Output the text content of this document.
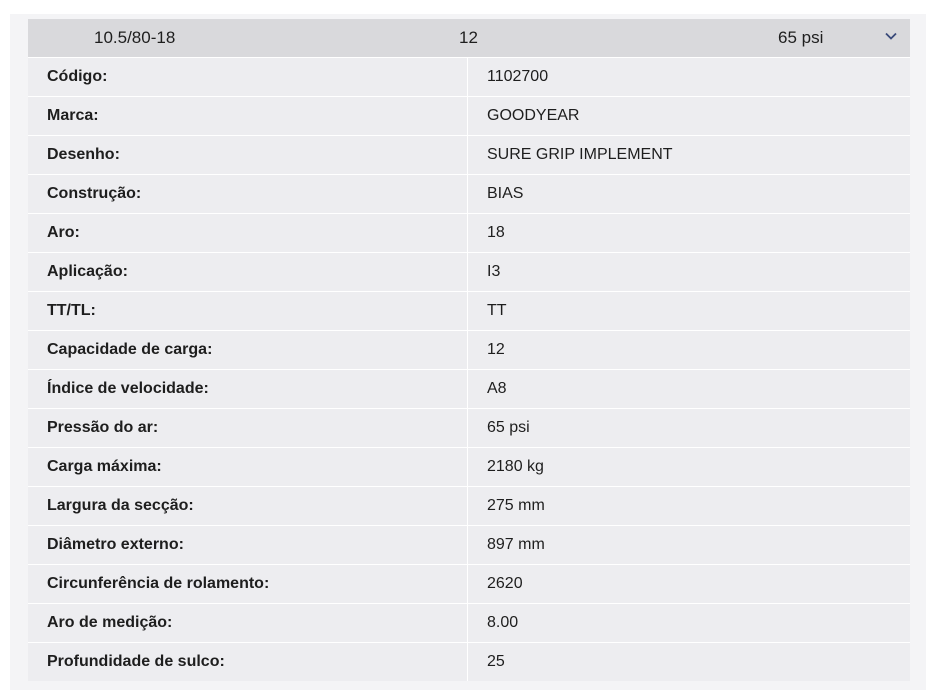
10.5/80-18	12	65 psi
Código:	1102700
Marca:	GOODYEAR
Desenho:	SURE GRIP IMPLEMENT
Construção:	BIAS
Aro:	18
Aplicação:	I3
TT/TL:	TT
Capacidade de carga:	12
Índice de velocidade:	A8
Pressão do ar:	65 psi
Carga máxima:	2180 kg
Largura da secção:	275 mm
Diâmetro externo:	897 mm
Circunferência de rolamento:	2620
Aro de medição:	8.00
Profundidade de sulco:	25
